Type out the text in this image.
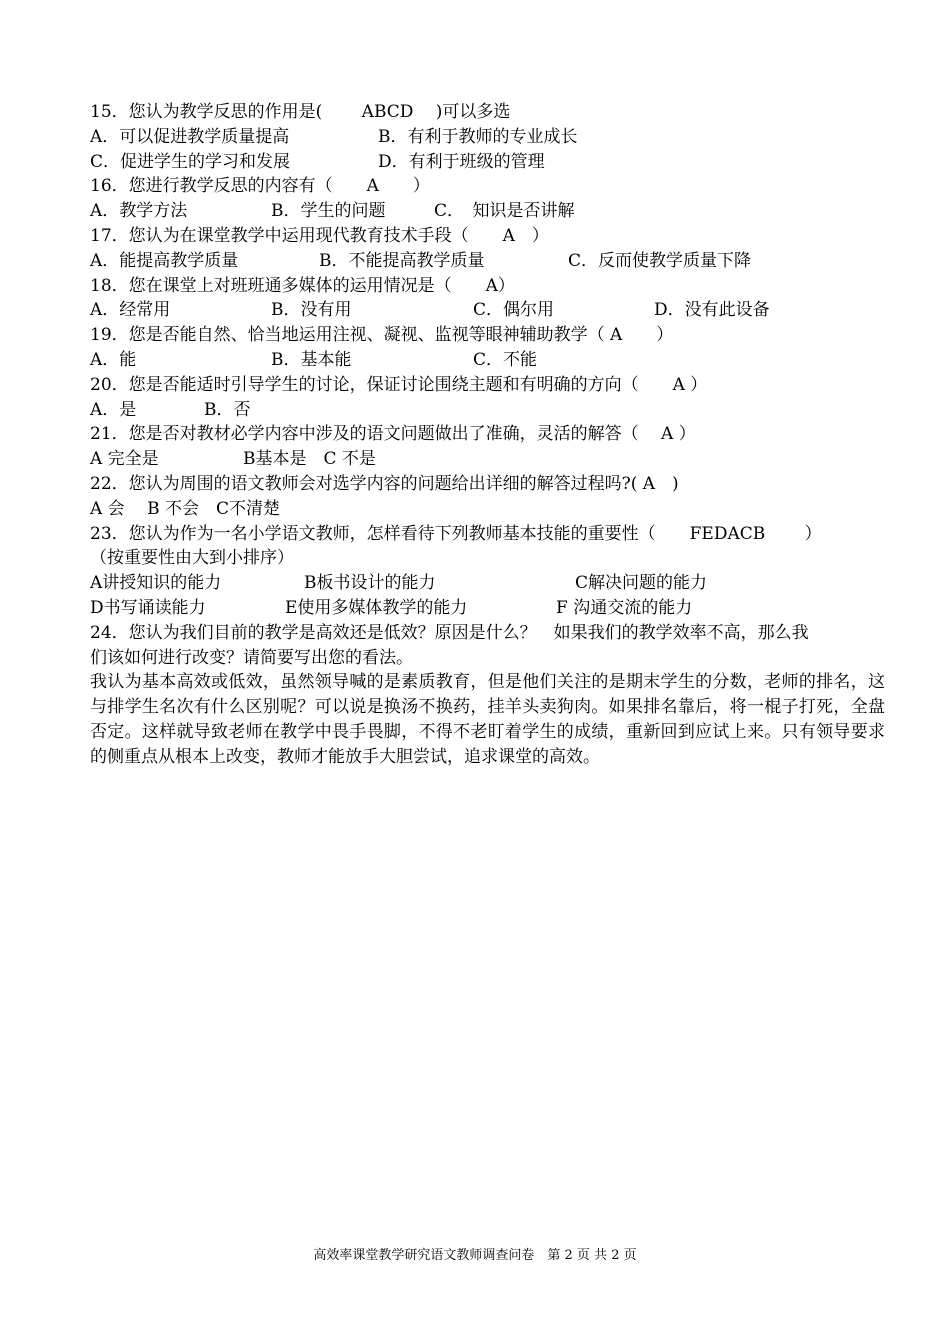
15．您认为教学反思的作用是(　　 ABCD　 )可以多选
A．可以促进教学质量提高	B．有利于教师的专业成长
C．促进学生的学习和发展	D．有利于班级的管理
16．您进行教学反思的内容有（　　A　　）
A．教学方法	B．学生的问题	C．　知识是否讲解
17．您认为在课堂教学中运用现代教育技术手段（　　A　）
A．能提高教学质量	B．不能提高教学质量	C．反而使教学质量下降
18．您在课堂上对班班通多媒体的运用情况是（　　A）
A．经常用	B．没有用	C．偶尔用	D．没有此设备
19．您是否能自然、恰当地运用注视、凝视、监视等眼神辅助教学（ A　　）
A．能	B．基本能	C．不能
20．您是否能适时引导学生的讨论，保证讨论围绕主题和有明确的方向（　　A ）
A．是	B．否
21．您是否对教材必学内容中涉及的语文问题做出了准确，灵活的解答（　 A ）
A 完全是	B基本是　C 不是
22．您认为周围的语文教师会对选学内容的问题给出详细的解答过程吗?( A　)
A 会　 B 不会　C不清楚
23．您认为作为一名小学语文教师，怎样看待下列教师基本技能的重要性（　　FEDACB　　 ）
（按重要性由大到小排序）
A讲授知识的能力	B板书设计的能力	C解决问题的能力
D书写诵读能力	E使用多媒体教学的能力	F 沟通交流的能力
24．您认为我们目前的教学是高效还是低效？原因是什么？　如果我们的教学效率不高，那么我
们该如何进行改变？请简要写出您的看法。
我认为基本高效或低效，虽然领导喊的是素质教育，但是他们关注的是期末学生的分数，老师的排名，这与排学生名次有什么区别呢？可以说是换汤不换药，挂羊头卖狗肉。如果排名靠后，将一棍子打死，全盘否定。这样就导致老师在教学中畏手畏脚，不得不老盯着学生的成绩，重新回到应试上来。只有领导要求的侧重点从根本上改变，教师才能放手大胆尝试，追求课堂的高效。
高效率课堂教学研究语文教师调查问卷　第 2 页 共 2 页
